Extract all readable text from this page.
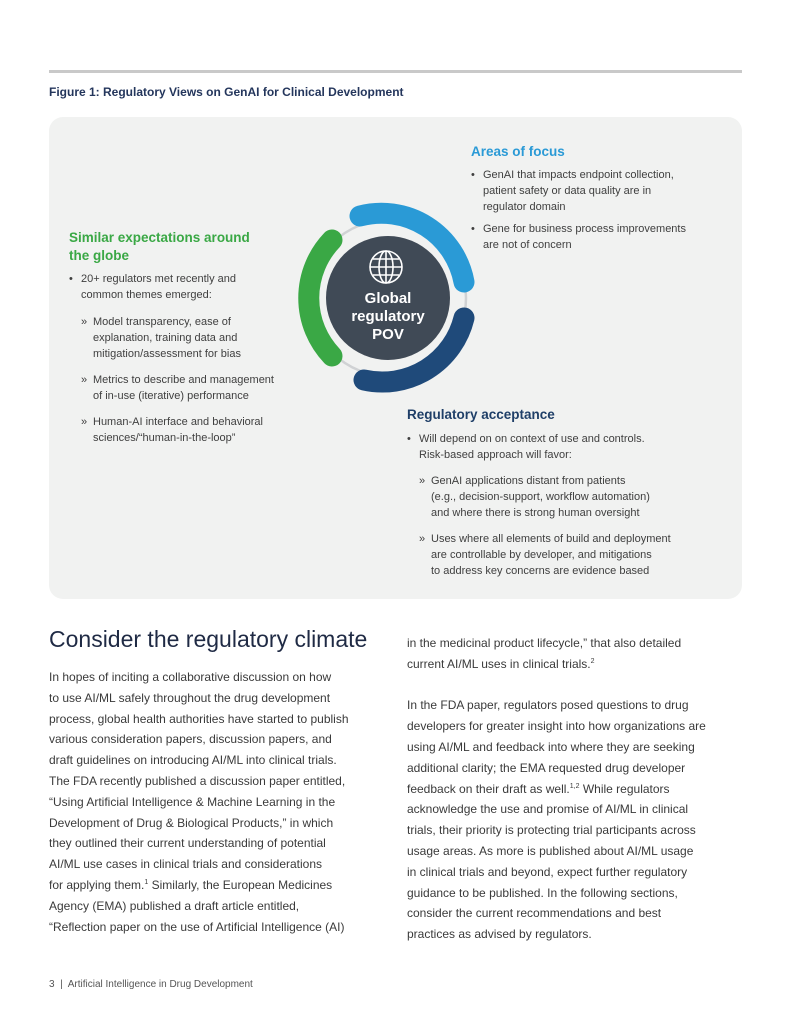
Figure 1: Regulatory Views on GenAI for Clinical Development
Global
regulatory
POV
Similar expectations around
the globe
• 20+ regulators met recently and
common themes emerged:
» Model transparency, ease of
explanation, training data and
mitigation/assessment for bias
» Metrics to describe and management
of in-use (iterative) performance
» Human-AI interface and behavioral
sciences/“human-in-the-loop”
Areas of focus
• GenAI that impacts endpoint collection,
patient safety or data quality are in
regulator domain
• Gene for business process improvements
are not of concern
Regulatory acceptance
• Will depend on on context of use and controls.
Risk-based approach will favor:
» GenAI applications distant from patients
(e.g., decision-support, workflow automation)
and where there is strong human oversight
» Uses where all elements of build and deployment
are controllable by developer, and mitigations
to address key concerns are evidence based
Consider the regulatory climate

In hopes of inciting a collaborative discussion on how
to use AI/ML safely throughout the drug development
process, global health authorities have started to publish
various consideration papers, discussion papers, and
draft guidelines on introducing AI/ML into clinical trials.
The FDA recently published a discussion paper entitled,
“Using Artificial Intelligence & Machine Learning in the
Development of Drug & Biological Products,” in which
they outlined their current understanding of potential
AI/ML use cases in clinical trials and considerations
for applying them.$^1$ Similarly, the European Medicines
Agency (EMA) published a draft article entitled,
“Reflection paper on the use of Artificial Intelligence (AI)

in the medicinal product lifecycle,” that also detailed
current AI/ML uses in clinical trials.$^2$

In the FDA paper, regulators posed questions to drug
developers for greater insight into how organizations are
using AI/ML and feedback into where they are seeking
additional clarity; the EMA requested drug developer
feedback on their draft as well.$^{1,2}$ While regulators
acknowledge the use and promise of AI/ML in clinical
trials, their priority is protecting trial participants across
usage areas. As more is published about AI/ML usage
in clinical trials and beyond, expect further regulatory
guidance to be published. In the following sections,
consider the current recommendations and best
practices as advised by regulators.

3 | Artificial Intelligence in Drug Development
